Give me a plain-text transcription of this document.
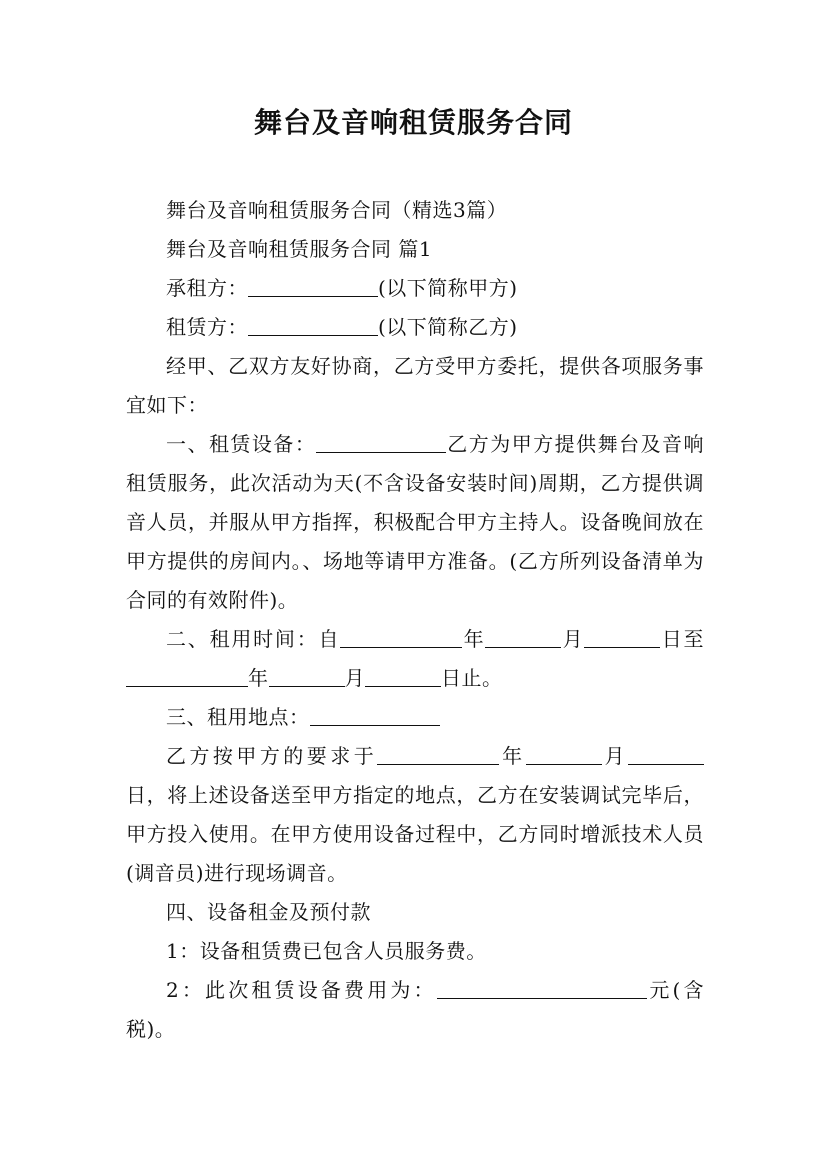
舞台及音响租赁服务合同

舞台及音响租赁服务合同（精选3篇）

舞台及音响租赁服务合同 篇1

承租方：	(以下简称甲方)

租赁方：	(以下简称乙方)

经甲、乙双方友好协商，乙方受甲方委托，提供各项服务事宜如下：

一、租赁设备：	乙方为甲方提供舞台及音响租赁服务，此次活动为天(不含设备安装时间)周期，乙方提供调音人员，并服从甲方指挥，积极配合甲方主持人。设备晚间放在甲方提供的房间内。、场地等请甲方准备。(乙方所列设备清单为合同的有效附件)。

二、租用时间：自	年	月	日至年	月	日止。

三、租用地点：

乙方按甲方的要求于	年	月日，将上述设备送至甲方指定的地点，乙方在安装调试完毕后，甲方投入使用。在甲方使用设备过程中，乙方同时增派技术人员(调音员)进行现场调音。

四、设备租金及预付款

1：设备租赁费已包含人员服务费。

2：此次租赁设备费用为：	元(含税)。
